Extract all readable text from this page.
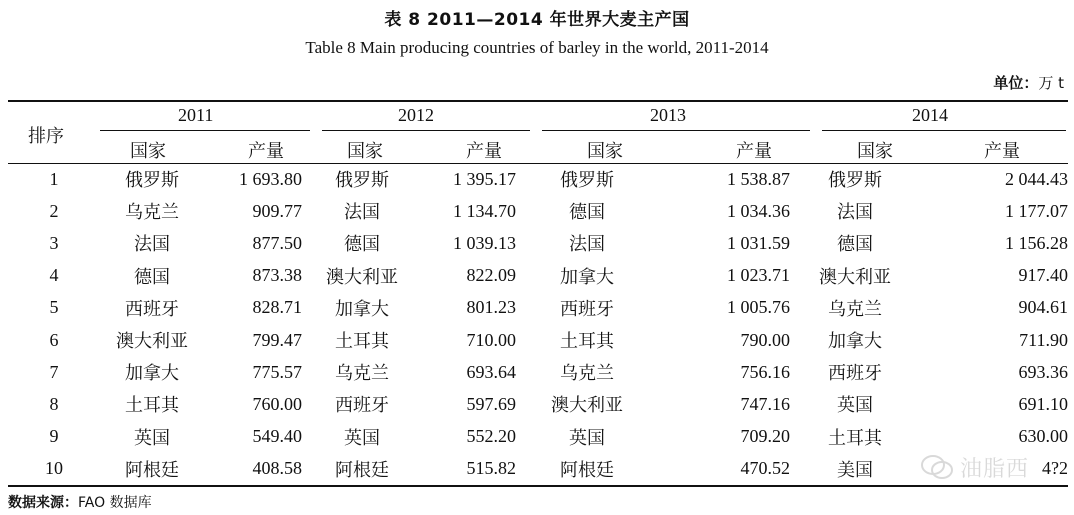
表 8 2011—2014 年世界大麦主产国
Table 8 Main producing countries of barley in the world, 2011-2014
单位：万 t
排序
2011	2012	2013	2014
国家	产量	国家	产量	国家	产量	国家	产量
1	俄罗斯	1 693.80	俄罗斯	1 395.17	俄罗斯	1 538.87	俄罗斯	2 044.43
2	乌克兰	909.77	法国	1 134.70	德国	1 034.36	法国	1 177.07
3	法国	877.50	德国	1 039.13	法国	1 031.59	德国	1 156.28
4	德国	873.38	澳大利亚	822.09	加拿大	1 023.71	澳大利亚	917.40
5	西班牙	828.71	加拿大	801.23	西班牙	1 005.76	乌克兰	904.61
6	澳大利亚	799.47	土耳其	710.00	土耳其	790.00	加拿大	711.90
7	加拿大	775.57	乌克兰	693.64	乌克兰	756.16	西班牙	693.36
8	土耳其	760.00	西班牙	597.69	澳大利亚	747.16	英国	691.10
9	英国	549.40	英国	552.20	英国	709.20	土耳其	630.00
10	阿根廷	408.58	阿根廷	515.82	阿根廷	470.52	美国	4?2
数据来源：FAO 数据库
油脂西
